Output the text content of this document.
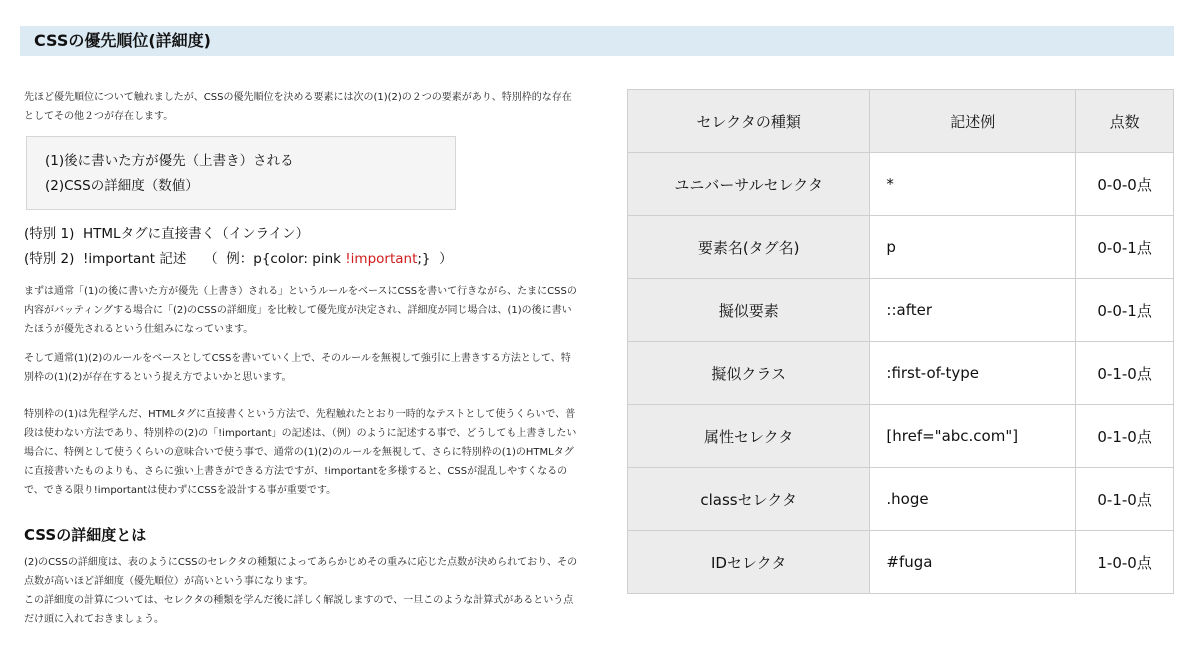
CSSの優先順位(詳細度)

先ほど優先順位について触れましたが、CSSの優先順位を決める要素には次の(1)(2)の２つの要素があり、特別枠的な存在としてその他２つが存在します。

(1)後に書いた方が優先（上書き）される
(2)CSSの詳細度（数値）
(特別 1)  HTMLタグに直接書く（インライン）
(特別 2)  !important 記述　 （  例：p{color: pink !important;}  ）

まずは通常「(1)の後に書いた方が優先（上書き）される」というルールをベースにCSSを書いて行きながら、たまにCSSの内容がバッティングする場合に「(2)のCSSの詳細度」を比較して優先度が決定され、詳細度が同じ場合は、(1)の後に書いたほうが優先されるという仕組みになっています。

そして通常(1)(2)のルールをベースとしてCSSを書いていく上で、そのルールを無視して強引に上書きする方法として、特別枠の(1)(2)が存在するという捉え方でよいかと思います。

特別枠の(1)は先程学んだ、HTMLタグに直接書くという方法で、先程触れたとおり一時的なテストとして使うくらいで、普段は使わない方法であり、特別枠の(2)の「!important」の記述は、（例）のように記述する事で、どうしても上書きしたい場合に、特例として使うくらいの意味合いで使う事で、通常の(1)(2)のルールを無視して、さらに特別枠の(1)のHTMLタグに直接書いたものよりも、さらに強い上書きができる方法ですが、!importantを多様すると、CSSが混乱しやすくなるので、できる限り!importantは使わずにCSSを設計する事が重要です。

CSSの詳細度とは

(2)のCSSの詳細度は、表のようにCSSのセレクタの種類によってあらかじめその重みに応じた点数が決められており、その点数が高いほど詳細度（優先順位）が高いという事になります。

この詳細度の計算については、セレクタの種類を学んだ後に詳しく解説しますので、一旦このような計算式があるという点だけ頭に入れておきましょう。

セレクタの種類	記述例	点数
ユニバーサルセレクタ	*	0-0-0点
要素名(タグ名)	p	0-0-1点
擬似要素	::after	0-0-1点
擬似クラス	:first-of-type	0-1-0点
属性セレクタ	[href="abc.com"]	0-1-0点
classセレクタ	.hoge	0-1-0点
IDセレクタ	#fuga	1-0-0点
